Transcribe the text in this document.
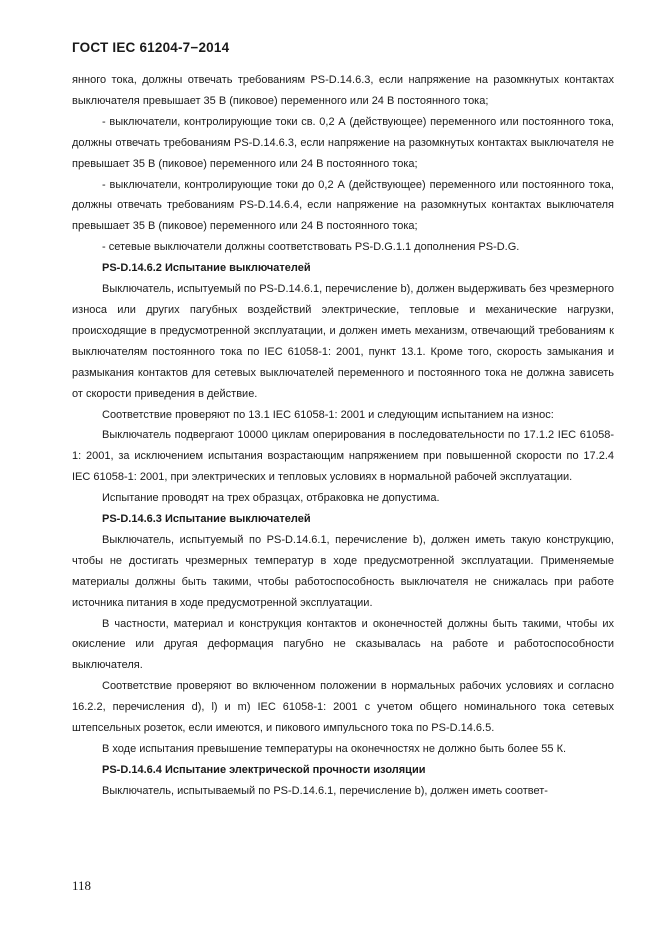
ГОСТ IEC 61204-7−2014

янного тока, должны отвечать требованиям PS-D.14.6.3, если напряжение на разомкнутых контактах выключателя превышает 35 В (пиковое) переменного или 24 В постоянного тока;

- выключатели, контролирующие токи св. 0,2 А (действующее) переменного или постоянного тока, должны отвечать требованиям PS-D.14.6.3, если напряжение на разомкнутых контактах выключателя не превышает 35 В (пиковое) переменного или 24 В постоянного тока;

- выключатели, контролирующие токи до 0,2 А (действующее) переменного или постоянного тока, должны отвечать требованиям PS-D.14.6.4, если напряжение на разомкнутых контактах выключателя превышает 35 В (пиковое) переменного или 24 В постоянного тока;

- сетевые выключатели должны соответствовать PS-D.G.1.1 дополнения PS-D.G.

PS-D.14.6.2 Испытание выключателей

Выключатель, испытуемый по PS-D.14.6.1, перечисление b), должен выдерживать без чрезмерного износа или других пагубных воздействий электрические, тепловые и механические нагрузки, происходящие в предусмотренной эксплуатации, и должен иметь механизм, отвечающий требованиям к выключателям постоянного тока по IEC 61058-1: 2001, пункт 13.1. Кроме того, скорость замыкания и размыкания контактов для сетевых выключателей переменного и постоянного тока не должна зависеть от скорости приведения в действие.

Соответствие проверяют по 13.1 IEC 61058-1: 2001 и следующим испытанием на износ:

Выключатель подвергают 10000 циклам оперирования в последовательности по 17.1.2 IEC 61058-1: 2001, за исключением испытания возрастающим напряжением при повышенной скорости по 17.2.4 IEC 61058-1: 2001, при электрических и тепловых условиях в нормальной рабочей эксплуатации.

Испытание проводят на трех образцах, отбраковка не допустима.

PS-D.14.6.3 Испытание выключателей

Выключатель, испытуемый по PS-D.14.6.1, перечисление b), должен иметь такую конструкцию, чтобы не достигать чрезмерных температур в ходе предусмотренной эксплуатации. Применяемые материалы должны быть такими, чтобы работоспособность выключателя не снижалась при работе источника питания в ходе предусмотренной эксплуатации.

В частности, материал и конструкция контактов и оконечностей должны быть такими, чтобы их окисление или другая деформация пагубно не сказывалась на работе и работоспособности выключателя.

Соответствие проверяют во включенном положении в нормальных рабочих условиях и согласно 16.2.2, перечисления d), l) и m) IEC 61058-1: 2001 с учетом общего номинального тока сетевых штепсельных розеток, если имеются, и пикового импульсного тока по PS-D.14.6.5.

В ходе испытания превышение температуры на оконечностях не должно быть более 55 К.

PS-D.14.6.4 Испытание электрической прочности изоляции

Выключатель, испытываемый по PS-D.14.6.1, перечисление b), должен иметь соответ-

118
